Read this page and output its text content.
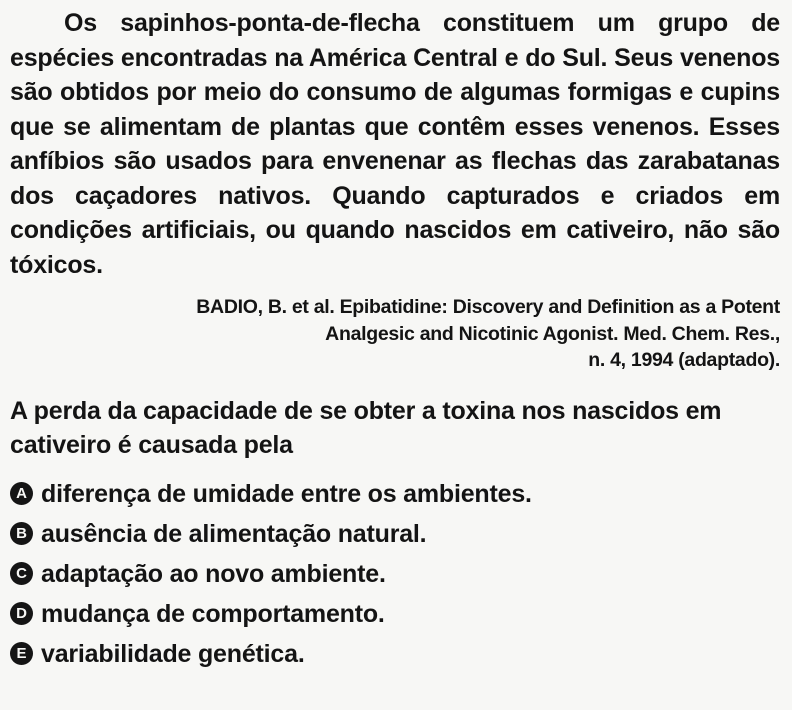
Os sapinhos-ponta-de-flecha constituem um grupo de espécies encontradas na América Central e do Sul. Seus venenos são obtidos por meio do consumo de algumas formigas e cupins que se alimentam de plantas que contêm esses venenos. Esses anfíbios são usados para envenenar as flechas das zarabatanas dos caçadores nativos. Quando capturados e criados em condições artificiais, ou quando nascidos em cativeiro, não são tóxicos.

BADIO, B. et al. Epibatidine: Discovery and Definition as a Potent
Analgesic and Nicotinic Agonist. Med. Chem. Res.,
n. 4, 1994 (adaptado).

A perda da capacidade de se obter a toxina nos nascidos em cativeiro é causada pela

A diferença de umidade entre os ambientes.
B ausência de alimentação natural.
C adaptação ao novo ambiente.
D mudança de comportamento.
E variabilidade genética.
